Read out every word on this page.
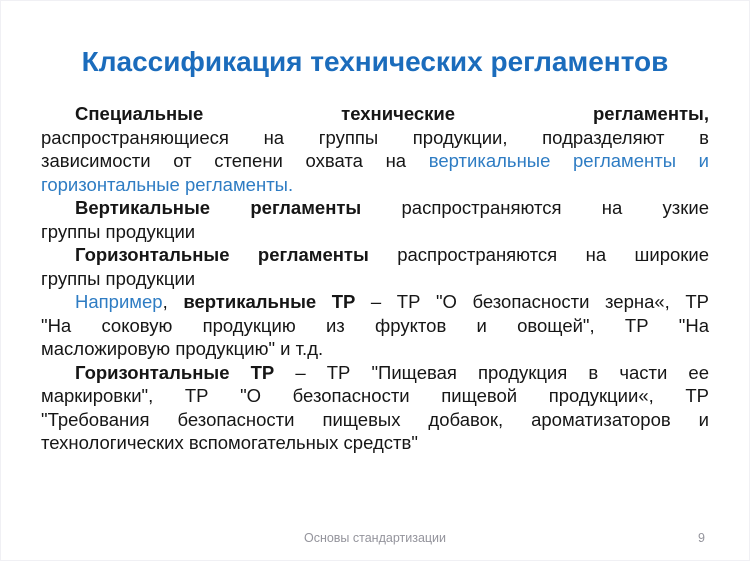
Классификация технических регламентов
Специальные технические регламенты,
распространяющиеся на группы продукции, подразделяют в
зависимости от степени охвата на вертикальные регламенты и
горизонтальные регламенты.
Вертикальные регламенты распространяются на узкие
группы продукции
Горизонтальные регламенты распространяются на широкие
группы продукции
Например, вертикальные ТР – ТР "О безопасности зерна«, ТР
"На соковую продукцию из фруктов и овощей", ТР "На
масложировую продукцию" и т.д.
Горизонтальные ТР – ТР "Пищевая продукция в части ее
маркировки", ТР "О безопасности пищевой продукции«, ТР
"Требования безопасности пищевых добавок, ароматизаторов и
технологических вспомогательных средств"
Основы стандартизации	9
